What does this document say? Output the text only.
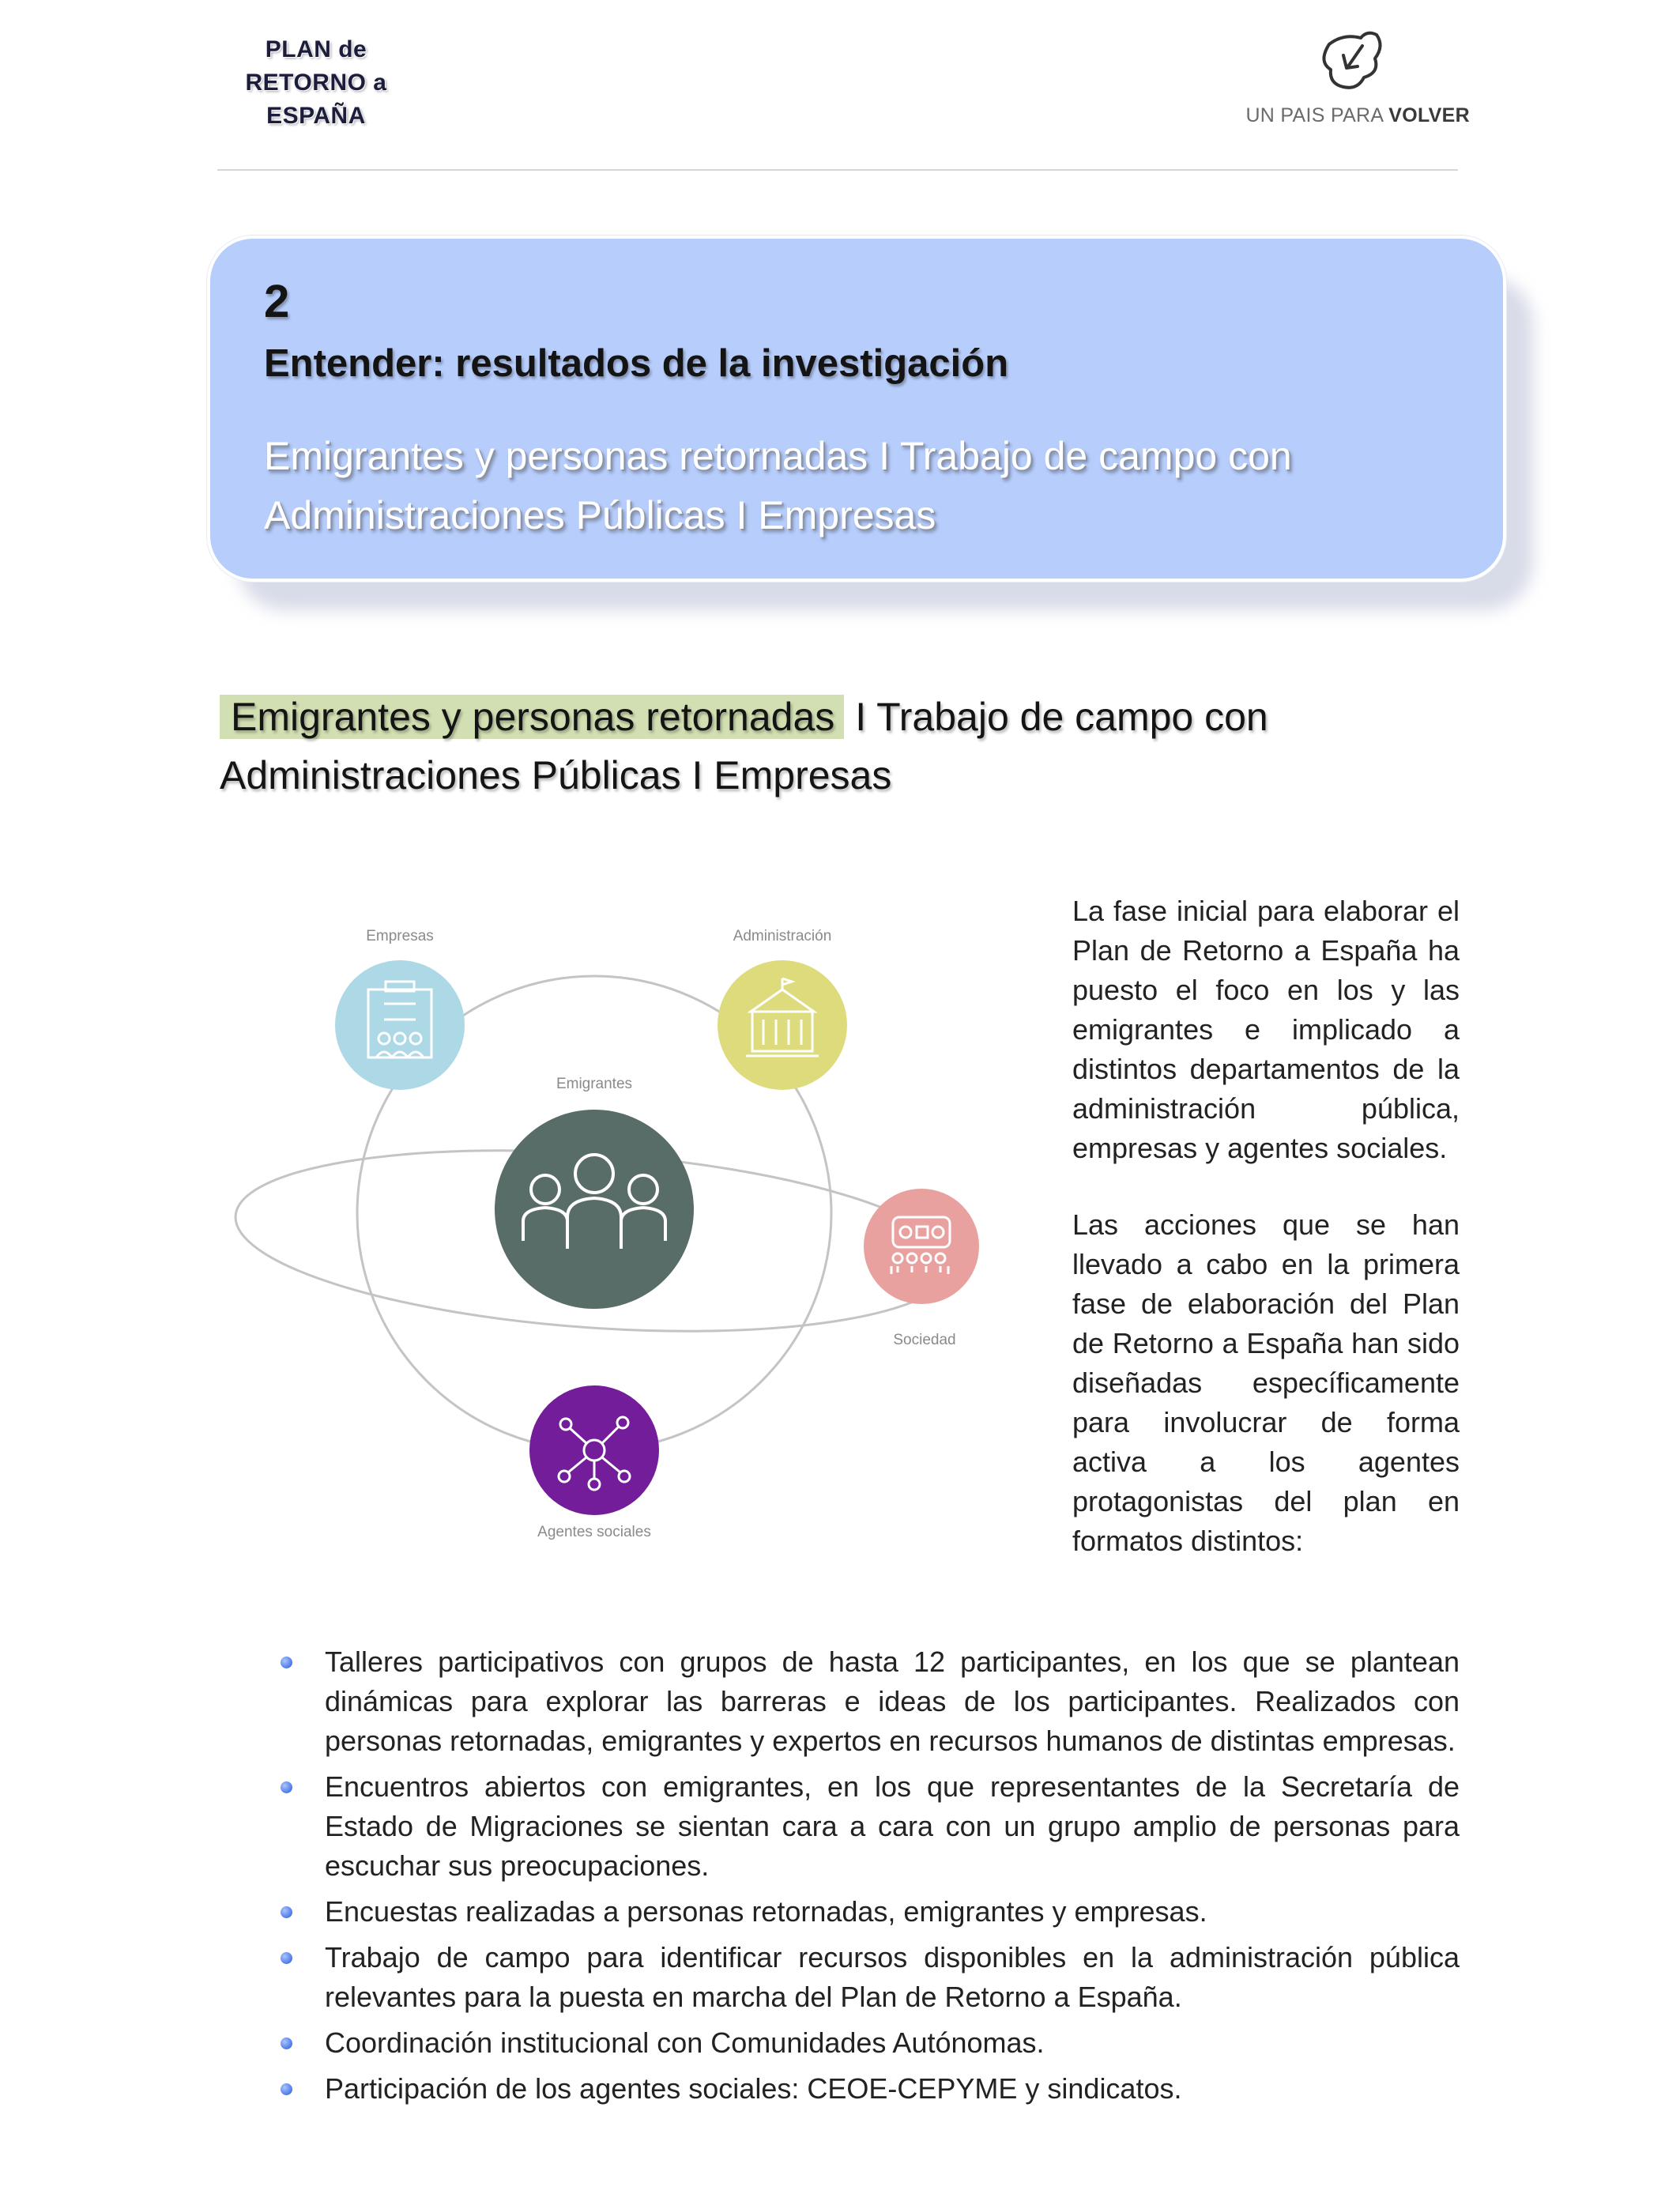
PLAN de
RETORNO a
ESPAÑA	UN PAIS PARA VOLVER
2
Entender: resultados de la investigación
Emigrantes y personas retornadas I Trabajo de campo con Administraciones Públicas I Empresas
Emigrantes y personas retornadas I Trabajo de campo con
Administraciones Públicas I Empresas
Empresas	Administración
Emigrantes
Sociedad
Agentes sociales
La fase inicial para elaborar el Plan de Retorno a España ha puesto el foco en los y las emigrantes e implicado a distintos departamentos de la administración pública, empresas y agentes sociales.
Las acciones que se han llevado a cabo en la primera fase de elaboración del Plan de Retorno a España han sido diseñadas específicamente para involucrar de forma activa a los agentes protagonistas del plan en formatos distintos:
Talleres participativos con grupos de hasta 12 participantes, en los que se plantean dinámicas para explorar las barreras e ideas de los participantes. Realizados con personas retornadas, emigrantes y expertos en recursos humanos de distintas empresas.
Encuentros abiertos con emigrantes, en los que representantes de la Secretaría de Estado de Migraciones se sientan cara a cara con un grupo amplio de personas para escuchar sus preocupaciones.
Encuestas realizadas a personas retornadas, emigrantes y empresas.
Trabajo de campo para identificar recursos disponibles en la administración pública relevantes para la puesta en marcha del Plan de Retorno a España.
Coordinación institucional con Comunidades Autónomas.
Participación de los agentes sociales: CEOE-CEPYME y sindicatos.
